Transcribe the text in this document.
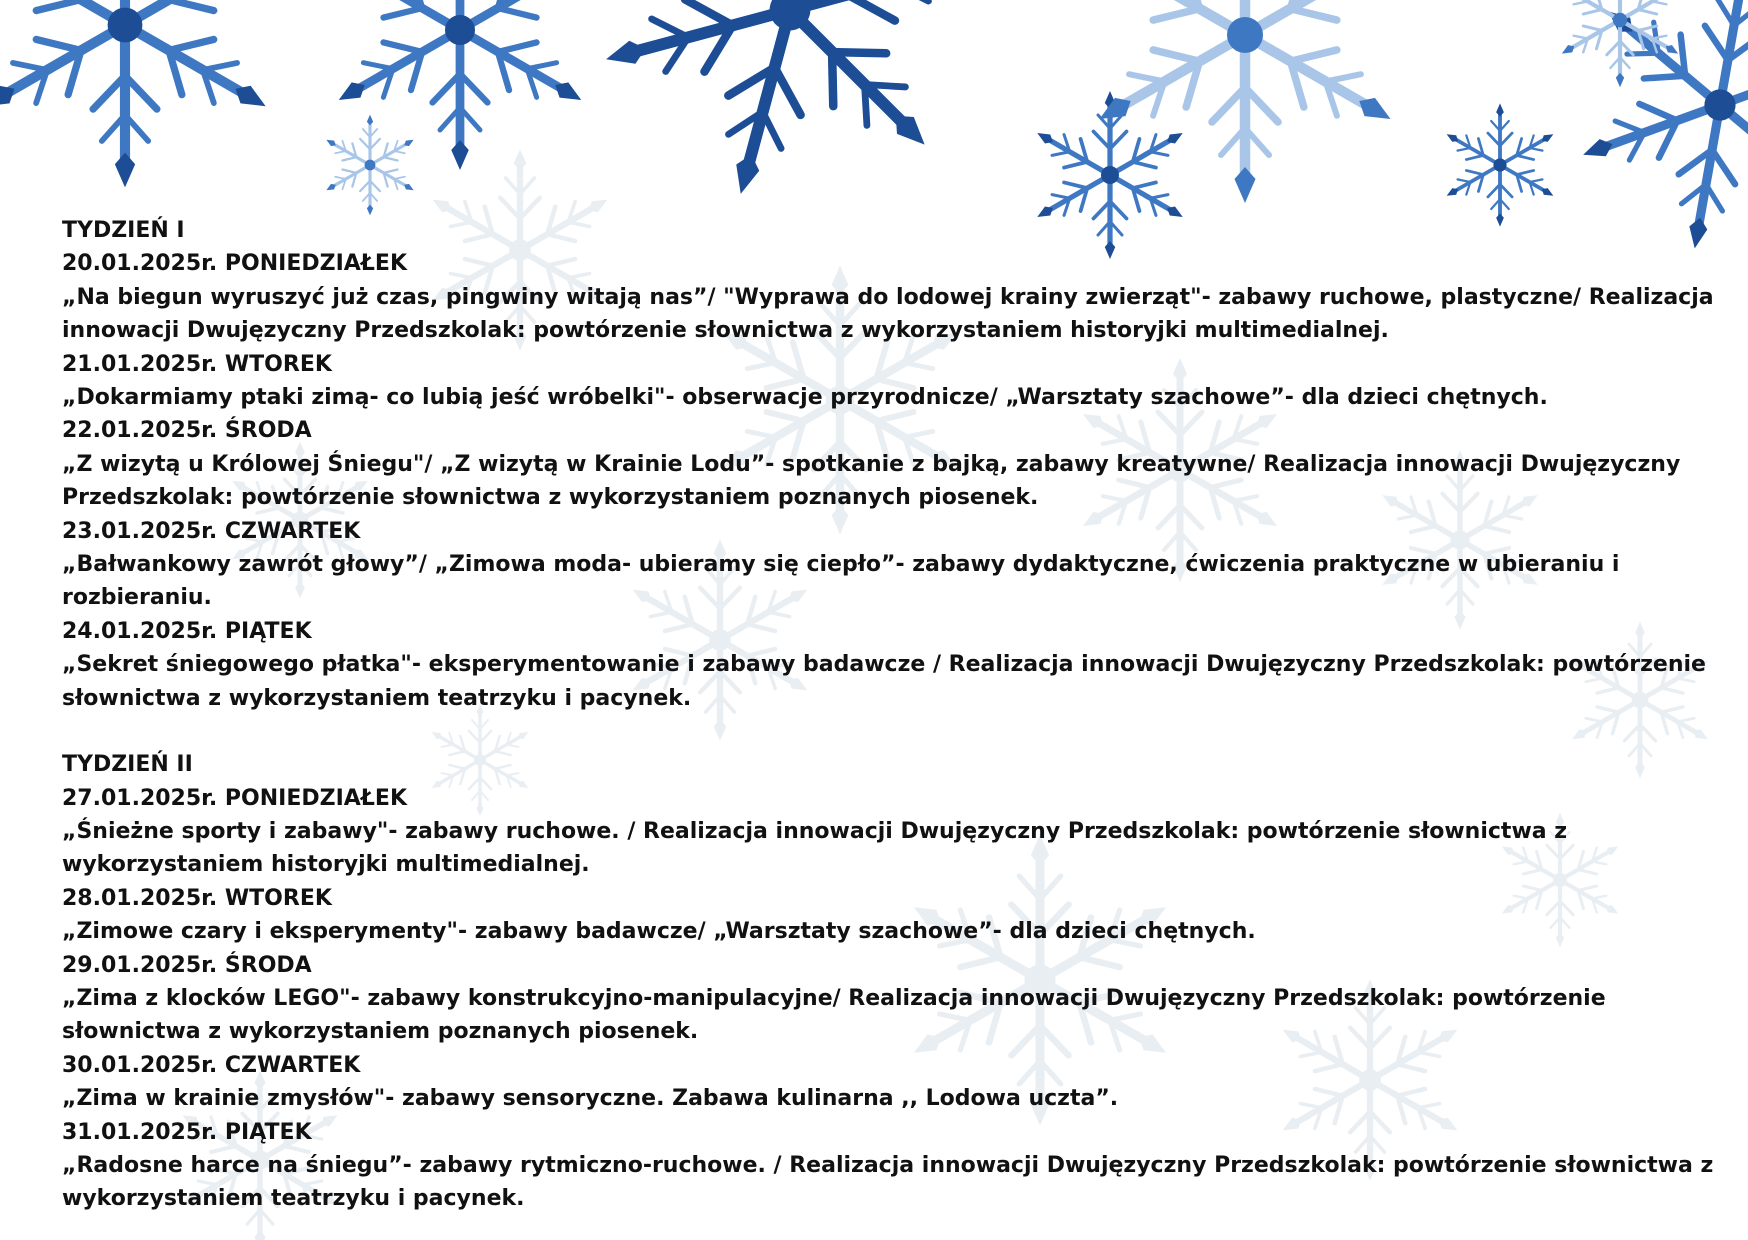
TYDZIEŃ I

20.01.2025r. PONIEDZIAŁEK

„Na biegun wyruszyć już czas, pingwiny witają nas”/ "Wyprawa do lodowej krainy zwierząt"- zabawy ruchowe, plastyczne/ Realizacja innowacji Dwujęzyczny Przedszkolak: powtórzenie słownictwa z wykorzystaniem historyjki multimedialnej.

21.01.2025r. WTOREK

„Dokarmiamy ptaki zimą- co lubią jeść wróbelki"- obserwacje przyrodnicze/ „Warsztaty szachowe”- dla dzieci chętnych.

22.01.2025r. ŚRODA

„Z wizytą u Królowej Śniegu"/ „Z wizytą w Krainie Lodu”- spotkanie z bajką, zabawy kreatywne/ Realizacja innowacji Dwujęzyczny Przedszkolak: powtórzenie słownictwa z wykorzystaniem poznanych piosenek.

23.01.2025r. CZWARTEK

„Bałwankowy zawrót głowy”/ „Zimowa moda- ubieramy się ciepło”- zabawy dydaktyczne, ćwiczenia praktyczne w ubieraniu i rozbieraniu.

24.01.2025r. PIĄTEK

„Sekret śniegowego płatka"- eksperymentowanie i zabawy badawcze / Realizacja innowacji Dwujęzyczny Przedszkolak: powtórzenie słownictwa z wykorzystaniem teatrzyku i pacynek.

TYDZIEŃ II

27.01.2025r. PONIEDZIAŁEK

„Śnieżne sporty i zabawy"- zabawy ruchowe. / Realizacja innowacji Dwujęzyczny Przedszkolak: powtórzenie słownictwa z wykorzystaniem historyjki multimedialnej.

28.01.2025r. WTOREK

„Zimowe czary i eksperymenty"- zabawy badawcze/ „Warsztaty szachowe”- dla dzieci chętnych.

29.01.2025r. ŚRODA

„Zima z klocków LEGO"- zabawy konstrukcyjno-manipulacyjne/ Realizacja innowacji Dwujęzyczny Przedszkolak: powtórzenie słownictwa z wykorzystaniem poznanych piosenek.

30.01.2025r. CZWARTEK

„Zima w krainie zmysłów"- zabawy sensoryczne. Zabawa kulinarna ,, Lodowa uczta”.

31.01.2025r. PIĄTEK

„Radosne harce na śniegu”- zabawy rytmiczno-ruchowe. / Realizacja innowacji Dwujęzyczny Przedszkolak: powtórzenie słownictwa z wykorzystaniem teatrzyku i pacynek.
